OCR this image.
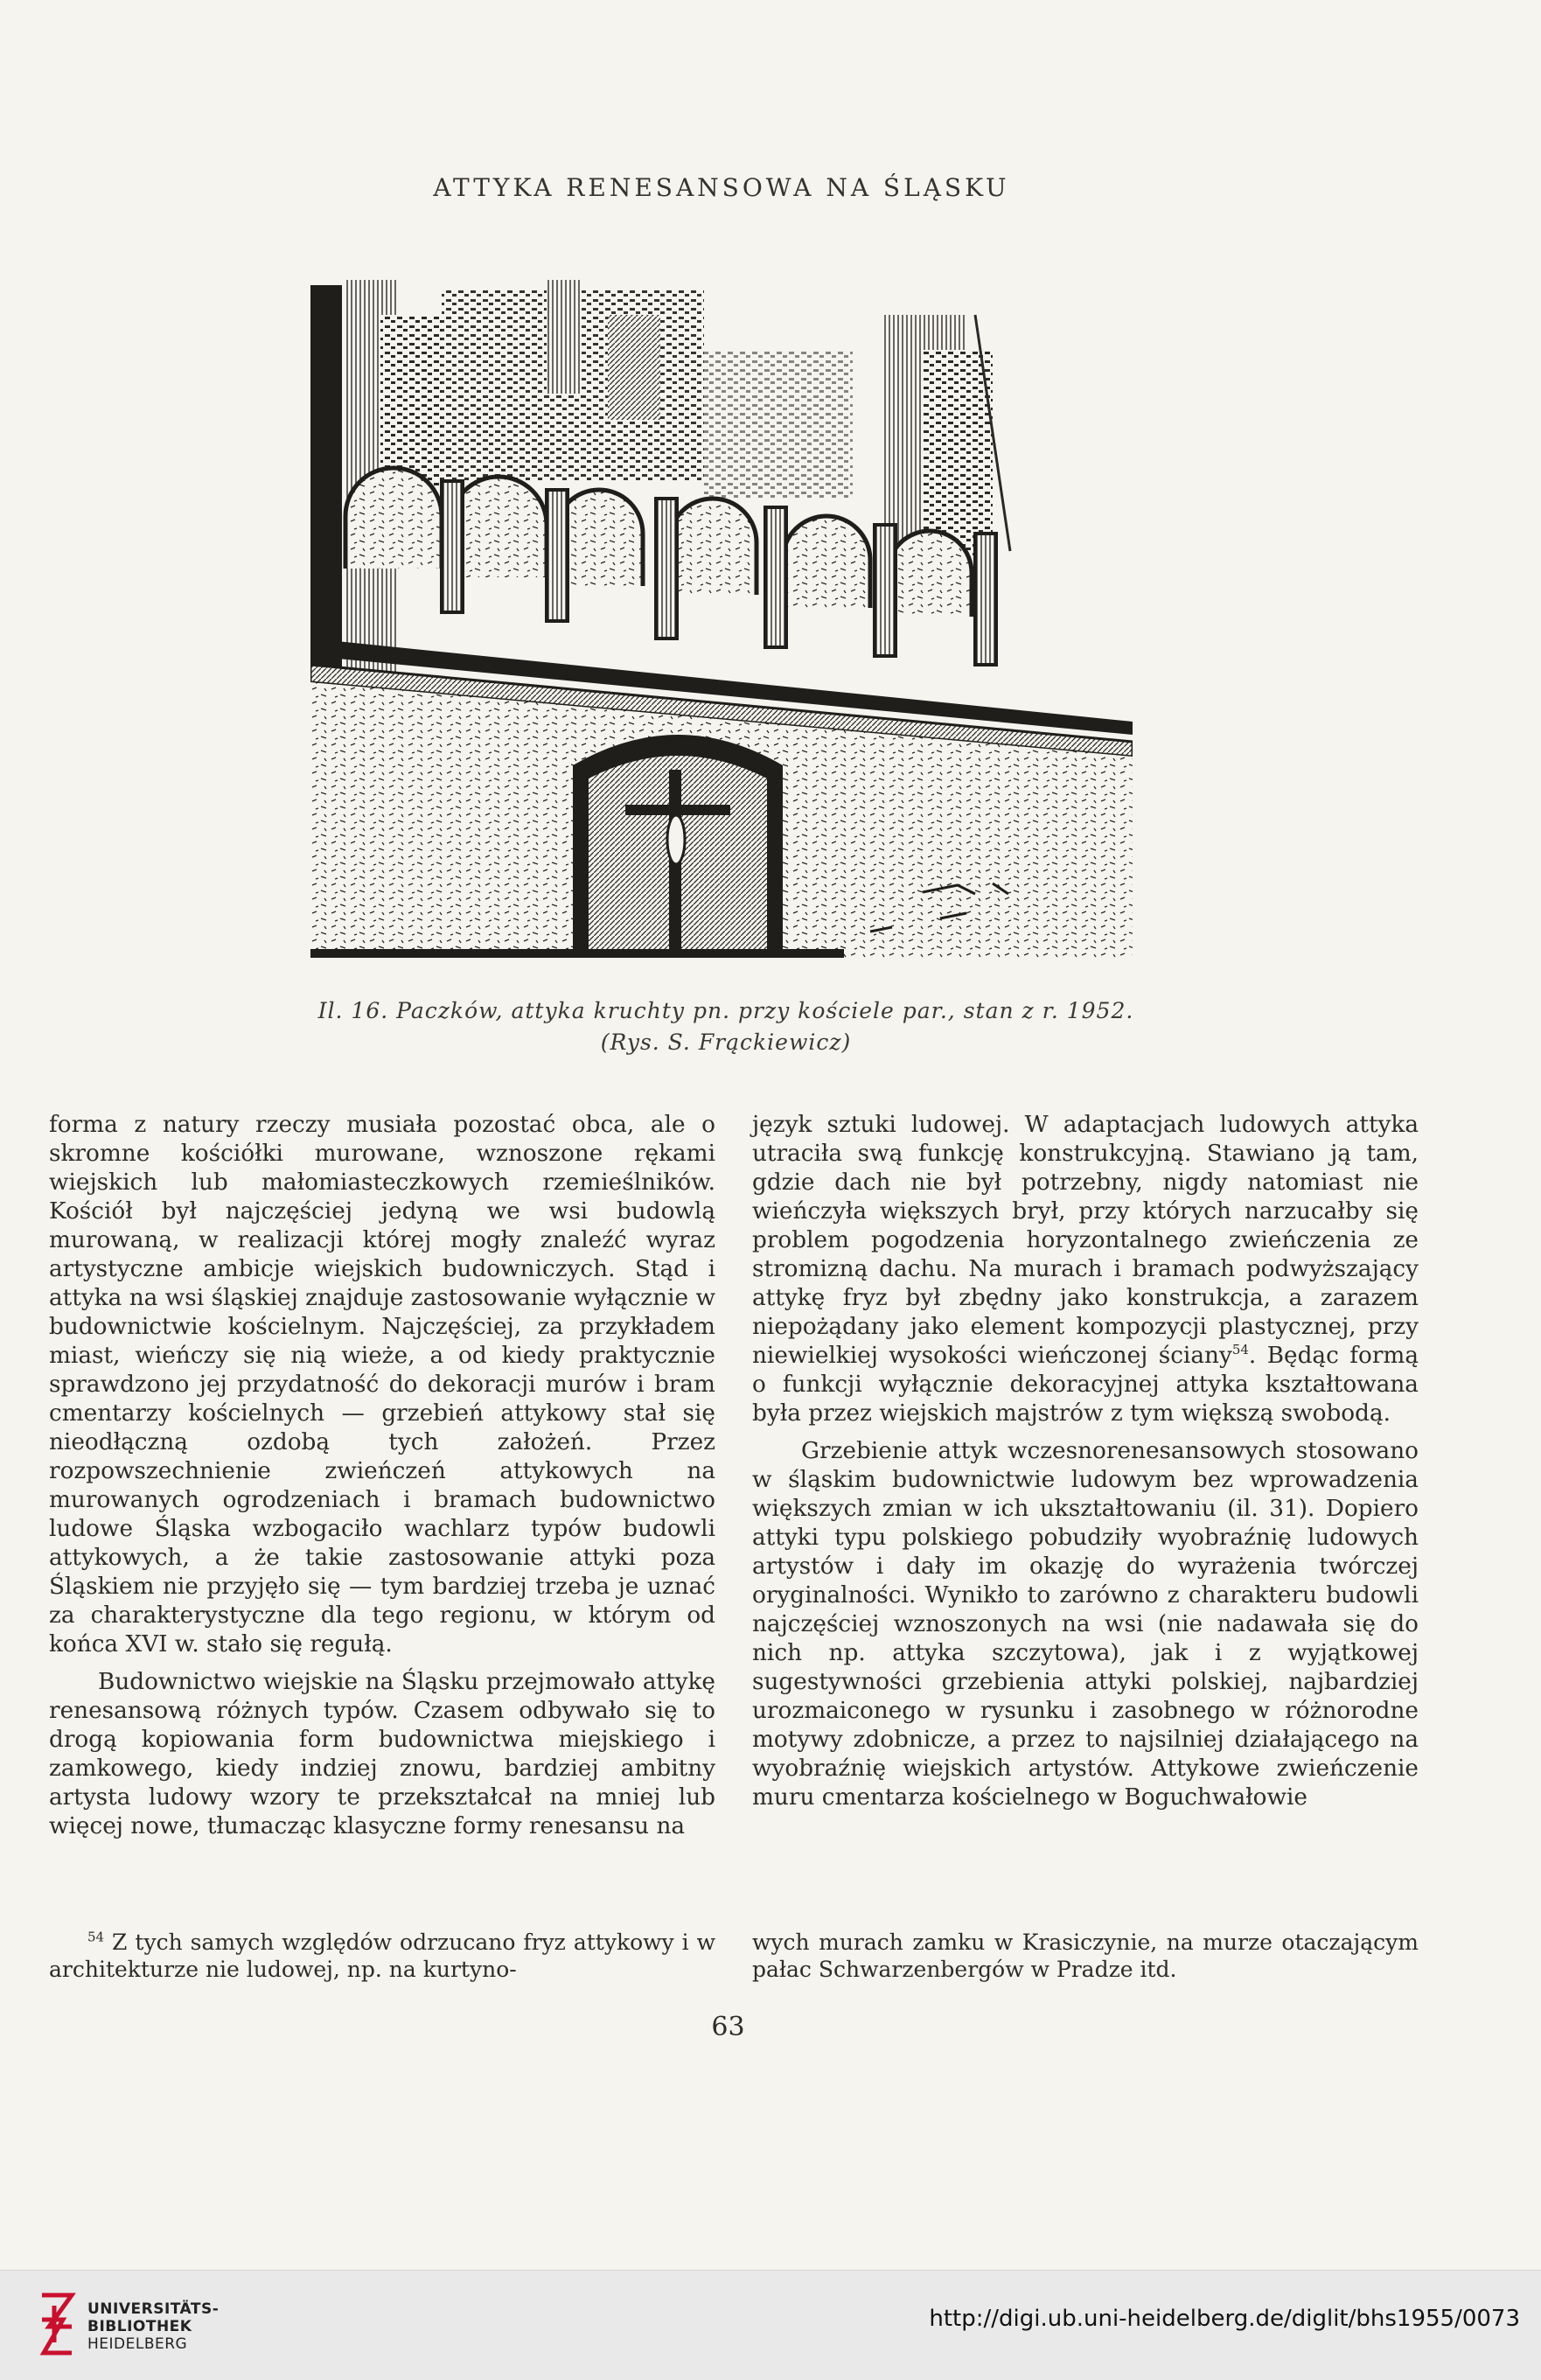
ATTYKA RENESANSOWA NA ŚLĄSKU
Il. 16. Paczków, attyka kruchty pn. przy kościele par., stan z r. 1952.
(Rys. S. Frąckiewicz)

forma z natury rzeczy musiała pozostać obca, ale o skromne kościółki murowane, wznoszone rękami wiejskich lub małomiasteczkowych rzemieślników. Kościół był najczęściej jedyną we wsi budowlą murowaną, w realizacji której mogły znaleźć wyraz artystyczne ambicje wiejskich budowniczych. Stąd i attyka na wsi śląskiej znajduje zastosowanie wyłącznie w budownictwie kościelnym. Najczęściej, za przykładem miast, wieńczy się nią wieże, a od kiedy praktycznie sprawdzono jej przydatność do dekoracji murów i bram cmentarzy kościelnych — grzebień attykowy stał się nieodłączną ozdobą tych założeń. Przez rozpowszechnienie zwieńczeń attykowych na murowanych ogrodzeniach i bramach budownictwo ludowe Śląska wzbogaciło wachlarz typów budowli attykowych, a że takie zastosowanie attyki poza Śląskiem nie przyjęło się — tym bardziej trzeba je uznać za charakterystyczne dla tego regionu, w którym od końca XVI w. stało się regułą.

Budownictwo wiejskie na Śląsku przejmowało attykę renesansową różnych typów. Czasem odbywało się to drogą kopiowania form budownictwa miejskiego i zamkowego, kiedy indziej znowu, bardziej ambitny artysta ludowy wzory te przekształcał na mniej lub więcej nowe, tłumacząc klasyczne formy renesansu na

język sztuki ludowej. W adaptacjach ludowych attyka utraciła swą funkcję konstrukcyjną. Stawiano ją tam, gdzie dach nie był potrzebny, nigdy natomiast nie wieńczyła większych brył, przy których narzucałby się problem pogodzenia horyzontalnego zwieńczenia ze stromizną dachu. Na murach i bramach podwyższający attykę fryz był zbędny jako konstrukcja, a zarazem niepożądany jako element kompozycji plastycznej, przy niewielkiej wysokości wieńczonej ściany$^{54}$. Będąc formą o funkcji wyłącznie dekoracyjnej attyka kształtowana była przez wiejskich majstrów z tym większą swobodą.

Grzebienie attyk wczesnorenesansowych stosowano w śląskim budownictwie ludowym bez wprowadzenia większych zmian w ich ukształtowaniu (il. 31). Dopiero attyki typu polskiego pobudziły wyobraźnię ludowych artystów i dały im okazję do wyrażenia twórczej oryginalności. Wynikło to zarówno z charakteru budowli najczęściej wznoszonych na wsi (nie nadawała się do nich np. attyka szczytowa), jak i z wyjątkowej sugestywności grzebienia attyki polskiej, najbardziej urozmaiconego w rysunku i zasobnego w różnorodne motywy zdobnicze, a przez to najsilniej działającego na wyobraźnię wiejskich artystów. Attykowe zwieńczenie muru cmentarza kościelnego w Boguchwałowie

$^{54}$ Z tych samych względów odrzucano fryz attykowy i w architekturze nie ludowej, np. na kurtyno-

wych murach zamku w Krasiczynie, na murze otaczającym pałac Schwarzenbergów w Pradze itd.

63
UNIVERSITÄTS-
BIBLIOTHEK
HEIDELBERG
http://digi.ub.uni-heidelberg.de/diglit/bhs1955/0073
